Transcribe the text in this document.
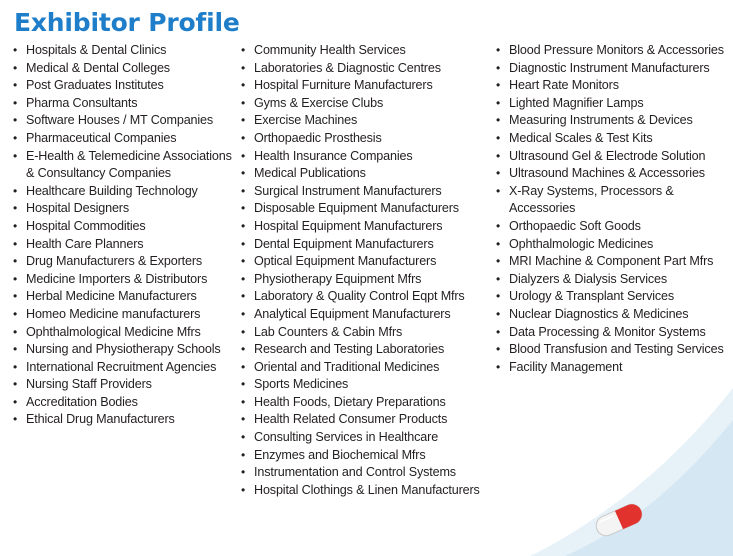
Exhibitor Profile
• Hospitals & Dental Clinics
• Medical & Dental Colleges
• Post Graduates Institutes
• Pharma Consultants
• Software Houses / MT Companies
• Pharmaceutical Companies
• E-Health & Telemedicine Associations & Consultancy Companies
• Healthcare Building Technology
• Hospital Designers
• Hospital Commodities
• Health Care Planners
• Drug Manufacturers & Exporters
• Medicine Importers & Distributors
• Herbal Medicine Manufacturers
• Homeo Medicine manufacturers
• Ophthalmological Medicine Mfrs
• Nursing and Physiotherapy Schools
• International Recruitment Agencies
• Nursing Staff Providers
• Accreditation Bodies
• Ethical Drug Manufacturers
• Community Health Services
• Laboratories & Diagnostic Centres
• Hospital Furniture Manufacturers
• Gyms & Exercise Clubs
• Exercise Machines
• Orthopaedic Prosthesis
• Health Insurance Companies
• Medical Publications
• Surgical Instrument Manufacturers
• Disposable Equipment Manufacturers
• Hospital Equipment Manufacturers
• Dental Equipment Manufacturers
• Optical Equipment Manufacturers
• Physiotherapy Equipment Mfrs
• Laboratory & Quality Control Eqpt Mfrs
• Analytical Equipment Manufacturers
• Lab Counters & Cabin Mfrs
• Research and Testing Laboratories
• Oriental and Traditional Medicines
• Sports Medicines
• Health Foods, Dietary Preparations
• Health Related Consumer Products
• Consulting Services in Healthcare
• Enzymes and Biochemical Mfrs
• Instrumentation and Control Systems
• Hospital Clothings & Linen Manufacturers
• Blood Pressure Monitors & Accessories
• Diagnostic Instrument Manufacturers
• Heart Rate Monitors
• Lighted Magnifier Lamps
• Measuring Instruments & Devices
• Medical Scales & Test Kits
• Ultrasound Gel & Electrode Solution
• Ultrasound Machines & Accessories
• X-Ray Systems, Processors & Accessories
• Orthopaedic Soft Goods
• Ophthalmologic Medicines
• MRI Machine & Component Part Mfrs
• Dialyzers & Dialysis Services
• Urology & Transplant Services
• Nuclear Diagnostics & Medicines
• Data Processing & Monitor Systems
• Blood Transfusion and Testing Services
• Facility Management
